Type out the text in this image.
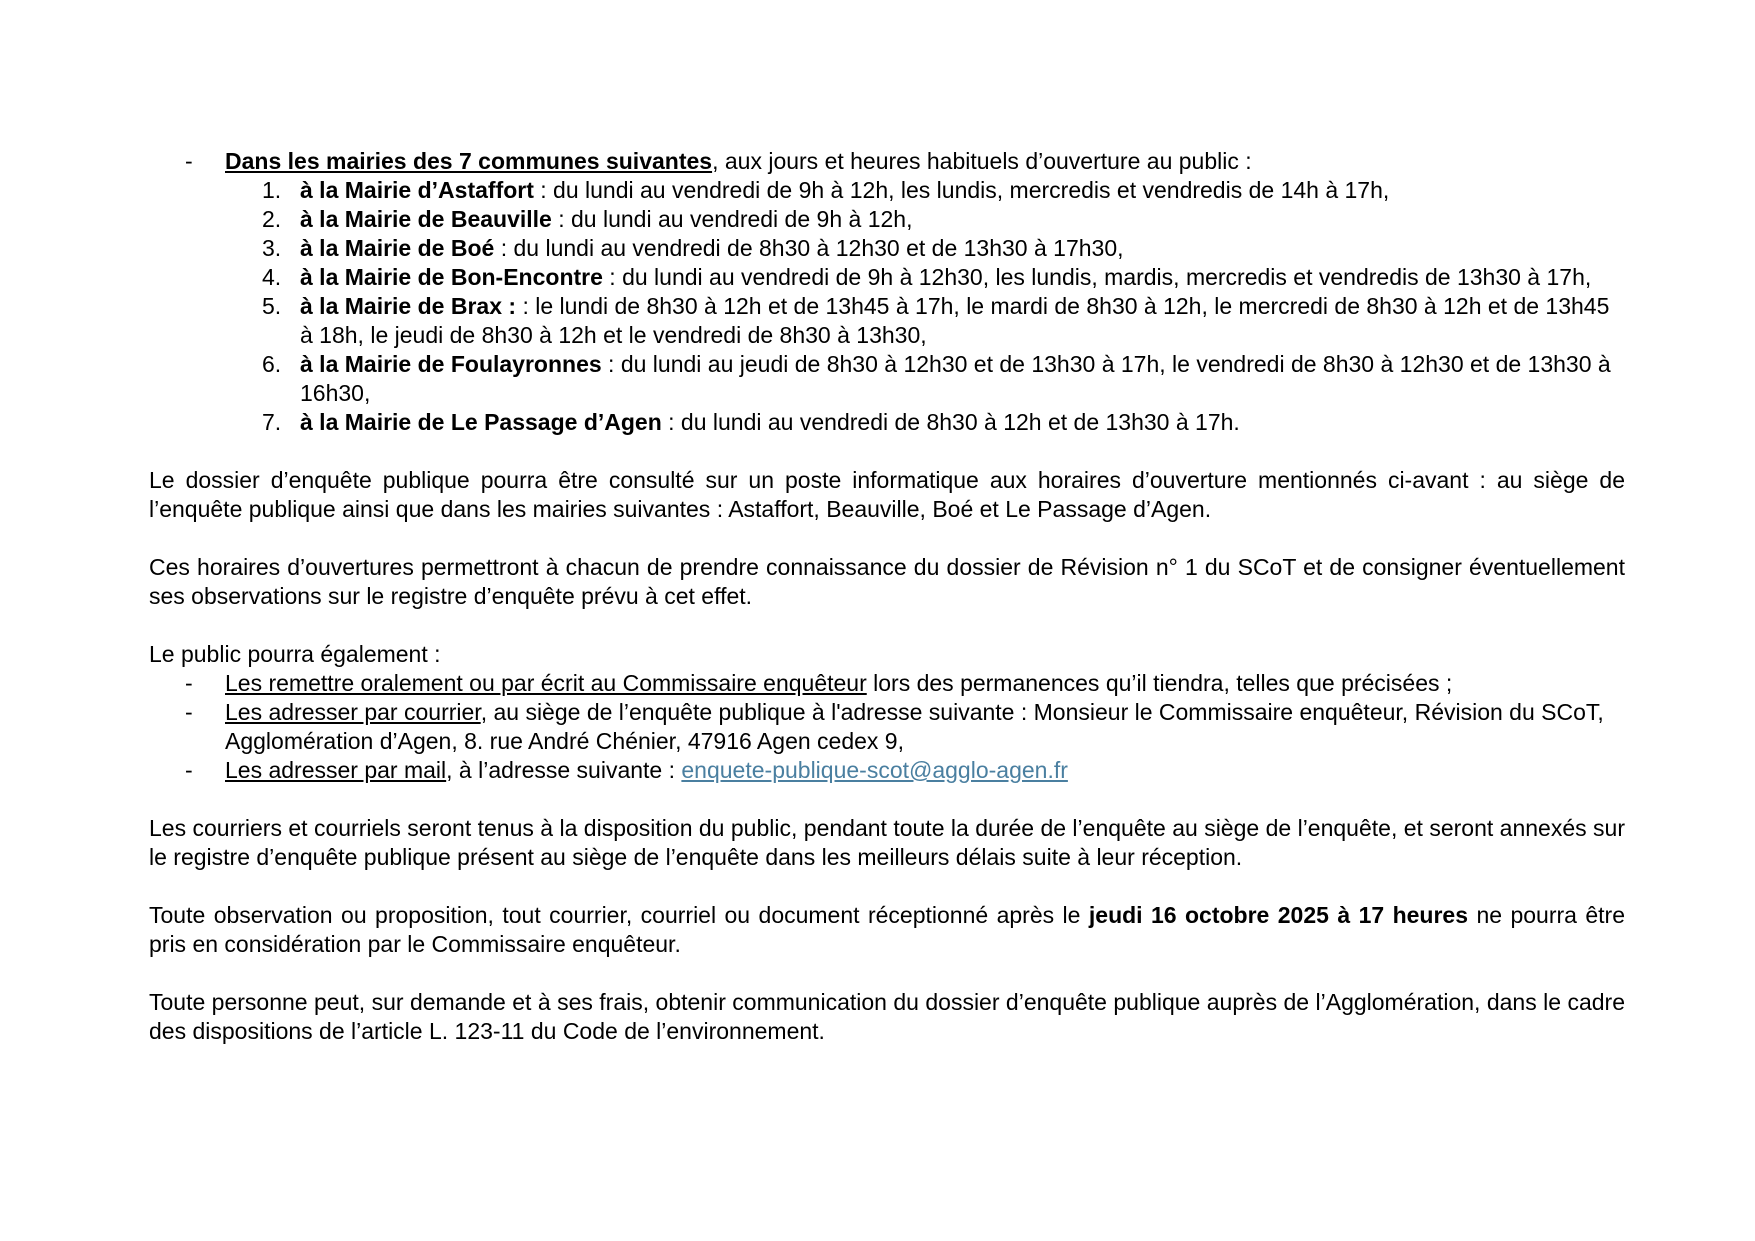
- Dans les mairies des 7 communes suivantes, aux jours et heures habituels d’ouverture au public :
1. à la Mairie d’Astaffort : du lundi au vendredi de 9h à 12h, les lundis, mercredis et vendredis de 14h à 17h,
2. à la Mairie de Beauville : du lundi au vendredi de 9h à 12h,
3. à la Mairie de Boé : du lundi au vendredi de 8h30 à 12h30 et de 13h30 à 17h30,
4. à la Mairie de Bon-Encontre : du lundi au vendredi de 9h à 12h30, les lundis, mardis, mercredis et vendredis de 13h30 à 17h,
5. à la Mairie de Brax : : le lundi de 8h30 à 12h et de 13h45 à 17h, le mardi de 8h30 à 12h, le mercredi de 8h30 à 12h et de 13h45 à 18h, le jeudi de 8h30 à 12h et le vendredi de 8h30 à 13h30,
6. à la Mairie de Foulayronnes : du lundi au jeudi de 8h30 à 12h30 et de 13h30 à 17h, le vendredi de 8h30 à 12h30 et de 13h30 à 16h30,
7. à la Mairie de Le Passage d’Agen : du lundi au vendredi de 8h30 à 12h et de 13h30 à 17h.

Le dossier d’enquête publique pourra être consulté sur un poste informatique aux horaires d’ouverture mentionnés ci-avant : au siège de l’enquête publique ainsi que dans les mairies suivantes : Astaffort, Beauville, Boé et Le Passage d’Agen.

Ces horaires d’ouvertures permettront à chacun de prendre connaissance du dossier de Révision n° 1 du SCoT et de consigner éventuellement ses observations sur le registre d’enquête prévu à cet effet.

Le public pourra également :

- Les remettre oralement ou par écrit au Commissaire enquêteur lors des permanences qu’il tiendra, telles que précisées ;
- Les adresser par courrier, au siège de l’enquête publique à l'adresse suivante : Monsieur le Commissaire enquêteur, Révision du SCoT, Agglomération d’Agen, 8. rue André Chénier, 47916 Agen cedex 9,
- Les adresser par mail, à l’adresse suivante : enquete-publique-scot@agglo-agen.fr

Les courriers et courriels seront tenus à la disposition du public, pendant toute la durée de l’enquête au siège de l’enquête, et seront annexés sur le registre d’enquête publique présent au siège de l’enquête dans les meilleurs délais suite à leur réception.

Toute observation ou proposition, tout courrier, courriel ou document réceptionné après le jeudi 16 octobre 2025 à 17 heures ne pourra être pris en considération par le Commissaire enquêteur.

Toute personne peut, sur demande et à ses frais, obtenir communication du dossier d’enquête publique auprès de l’Agglomération, dans le cadre des dispositions de l’article L. 123-11 du Code de l’environnement.
